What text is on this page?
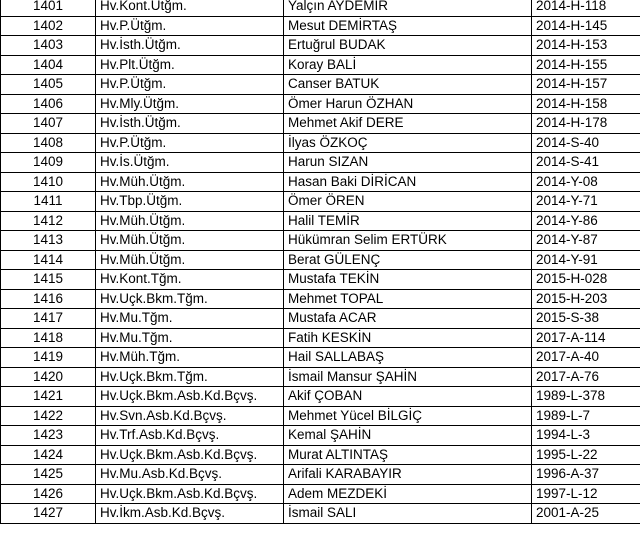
1401	Hv.Kont.Ütğm.	Yalçın AYDEMİR	2014-H-118
1402	Hv.P.Ütğm.	Mesut DEMİRTAŞ	2014-H-145
1403	Hv.İsth.Ütğm.	Ertuğrul BUDAK	2014-H-153
1404	Hv.Plt.Ütğm.	Koray BALİ	2014-H-155
1405	Hv.P.Ütğm.	Canser BATUK	2014-H-157
1406	Hv.Mly.Ütğm.	Ömer Harun ÖZHAN	2014-H-158
1407	Hv.İsth.Ütğm.	Mehmet Akif DERE	2014-H-178
1408	Hv.P.Ütğm.	İlyas ÖZKOÇ	2014-S-40
1409	Hv.İs.Ütğm.	Harun SIZAN	2014-S-41
1410	Hv.Müh.Ütğm.	Hasan Baki DİRİCAN	2014-Y-08
1411	Hv.Tbp.Ütğm.	Ömer ÖREN	2014-Y-71
1412	Hv.Müh.Ütğm.	Halil TEMİR	2014-Y-86
1413	Hv.Müh.Ütğm.	Hükümran Selim ERTÜRK	2014-Y-87
1414	Hv.Müh.Ütğm.	Berat GÜLENÇ	2014-Y-91
1415	Hv.Kont.Tğm.	Mustafa TEKİN	2015-H-028
1416	Hv.Uçk.Bkm.Tğm.	Mehmet TOPAL	2015-H-203
1417	Hv.Mu.Tğm.	Mustafa ACAR	2015-S-38
1418	Hv.Mu.Tğm.	Fatih KESKİN	2017-A-114
1419	Hv.Müh.Tğm.	Hail SALLABAŞ	2017-A-40
1420	Hv.Uçk.Bkm.Tğm.	İsmail Mansur ŞAHİN	2017-A-76
1421	Hv.Uçk.Bkm.Asb.Kd.Bçvş.	Akif ÇOBAN	1989-L-378
1422	Hv.Svn.Asb.Kd.Bçvş.	Mehmet Yücel BİLGİÇ	1989-L-7
1423	Hv.Trf.Asb.Kd.Bçvş.	Kemal ŞAHİN	1994-L-3
1424	Hv.Uçk.Bkm.Asb.Kd.Bçvş.	Murat ALTINTAŞ	1995-L-22
1425	Hv.Mu.Asb.Kd.Bçvş.	Arifali KARABAYIR	1996-A-37
1426	Hv.Uçk.Bkm.Asb.Kd.Bçvş.	Adem MEZDEKİ	1997-L-12
1427	Hv.İkm.Asb.Kd.Bçvş.	İsmail SALI	2001-A-25
